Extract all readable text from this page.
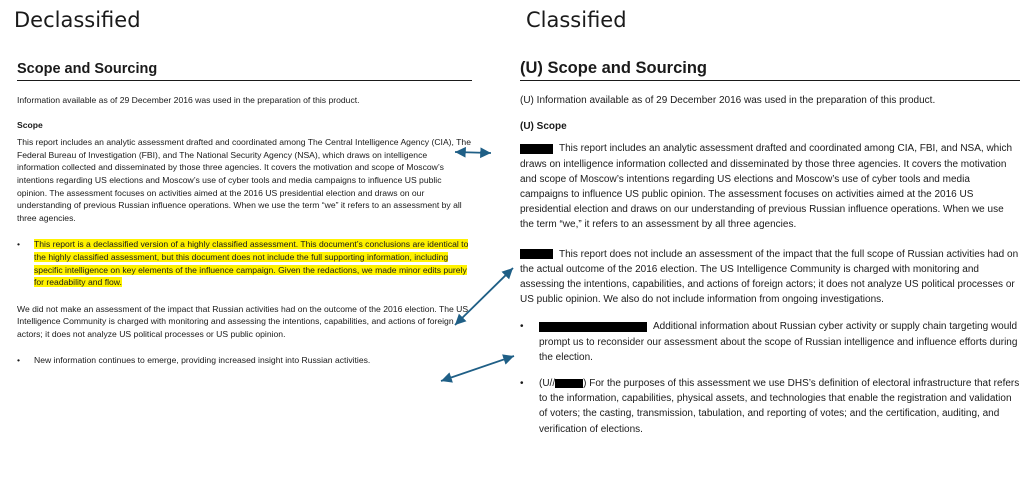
Declassified	Classified

Scope and Sourcing

Information available as of 29 December 2016 was used in the preparation of this product.

Scope

This report includes an analytic assessment drafted and coordinated among The Central Intelligence Agency (CIA), The Federal Bureau of Investigation (FBI), and The National Security Agency (NSA), which draws on intelligence information collected and disseminated by those three agencies. It covers the motivation and scope of Moscow’s intentions regarding US elections and Moscow’s use of cyber tools and media campaigns to influence US public opinion. The assessment focuses on activities aimed at the 2016 US presidential election and draws on our understanding of previous Russian influence operations. When we use the term “we” it refers to an assessment by all three agencies.

• This report is a declassified version of a highly classified assessment. This document’s conclusions are identical to the highly classified assessment, but this document does not include the full supporting information, including specific intelligence on key elements of the influence campaign. Given the redactions, we made minor edits purely for readability and flow.

We did not make an assessment of the impact that Russian activities had on the outcome of the 2016 election. The US Intelligence Community is charged with monitoring and assessing the intentions, capabilities, and actions of foreign actors; it does not analyze US political processes or US public opinion.

• New information continues to emerge, providing increased insight into Russian activities.

(U) Scope and Sourcing

(U) Information available as of 29 December 2016 was used in the preparation of this product.

(U) Scope

This report includes an analytic assessment drafted and coordinated among CIA, FBI, and NSA, which draws on intelligence information collected and disseminated by those three agencies. It covers the motivation and scope of Moscow’s intentions regarding US elections and Moscow’s use of cyber tools and media campaigns to influence US public opinion. The assessment focuses on activities aimed at the 2016 US presidential election and draws on our understanding of previous Russian influence operations. When we use the term “we,” it refers to an assessment by all three agencies.

This report does not include an assessment of the impact that the full scope of Russian activities had on the actual outcome of the 2016 election. The US Intelligence Community is charged with monitoring and assessing the intentions, capabilities, and actions of foreign actors; it does not analyze US political processes or US public opinion. We also do not include information from ongoing investigations.

•	Additional information about Russian cyber activity or supply chain targeting would prompt us to reconsider our assessment about the scope of Russian intelligence and influence efforts during the election.
• (U//	) For the purposes of this assessment we use DHS’s definition of electoral infrastructure that refers to the information, capabilities, physical assets, and technologies that enable the registration and validation of voters; the casting, transmission, tabulation, and reporting of votes; and the certification, auditing, and verification of elections.
